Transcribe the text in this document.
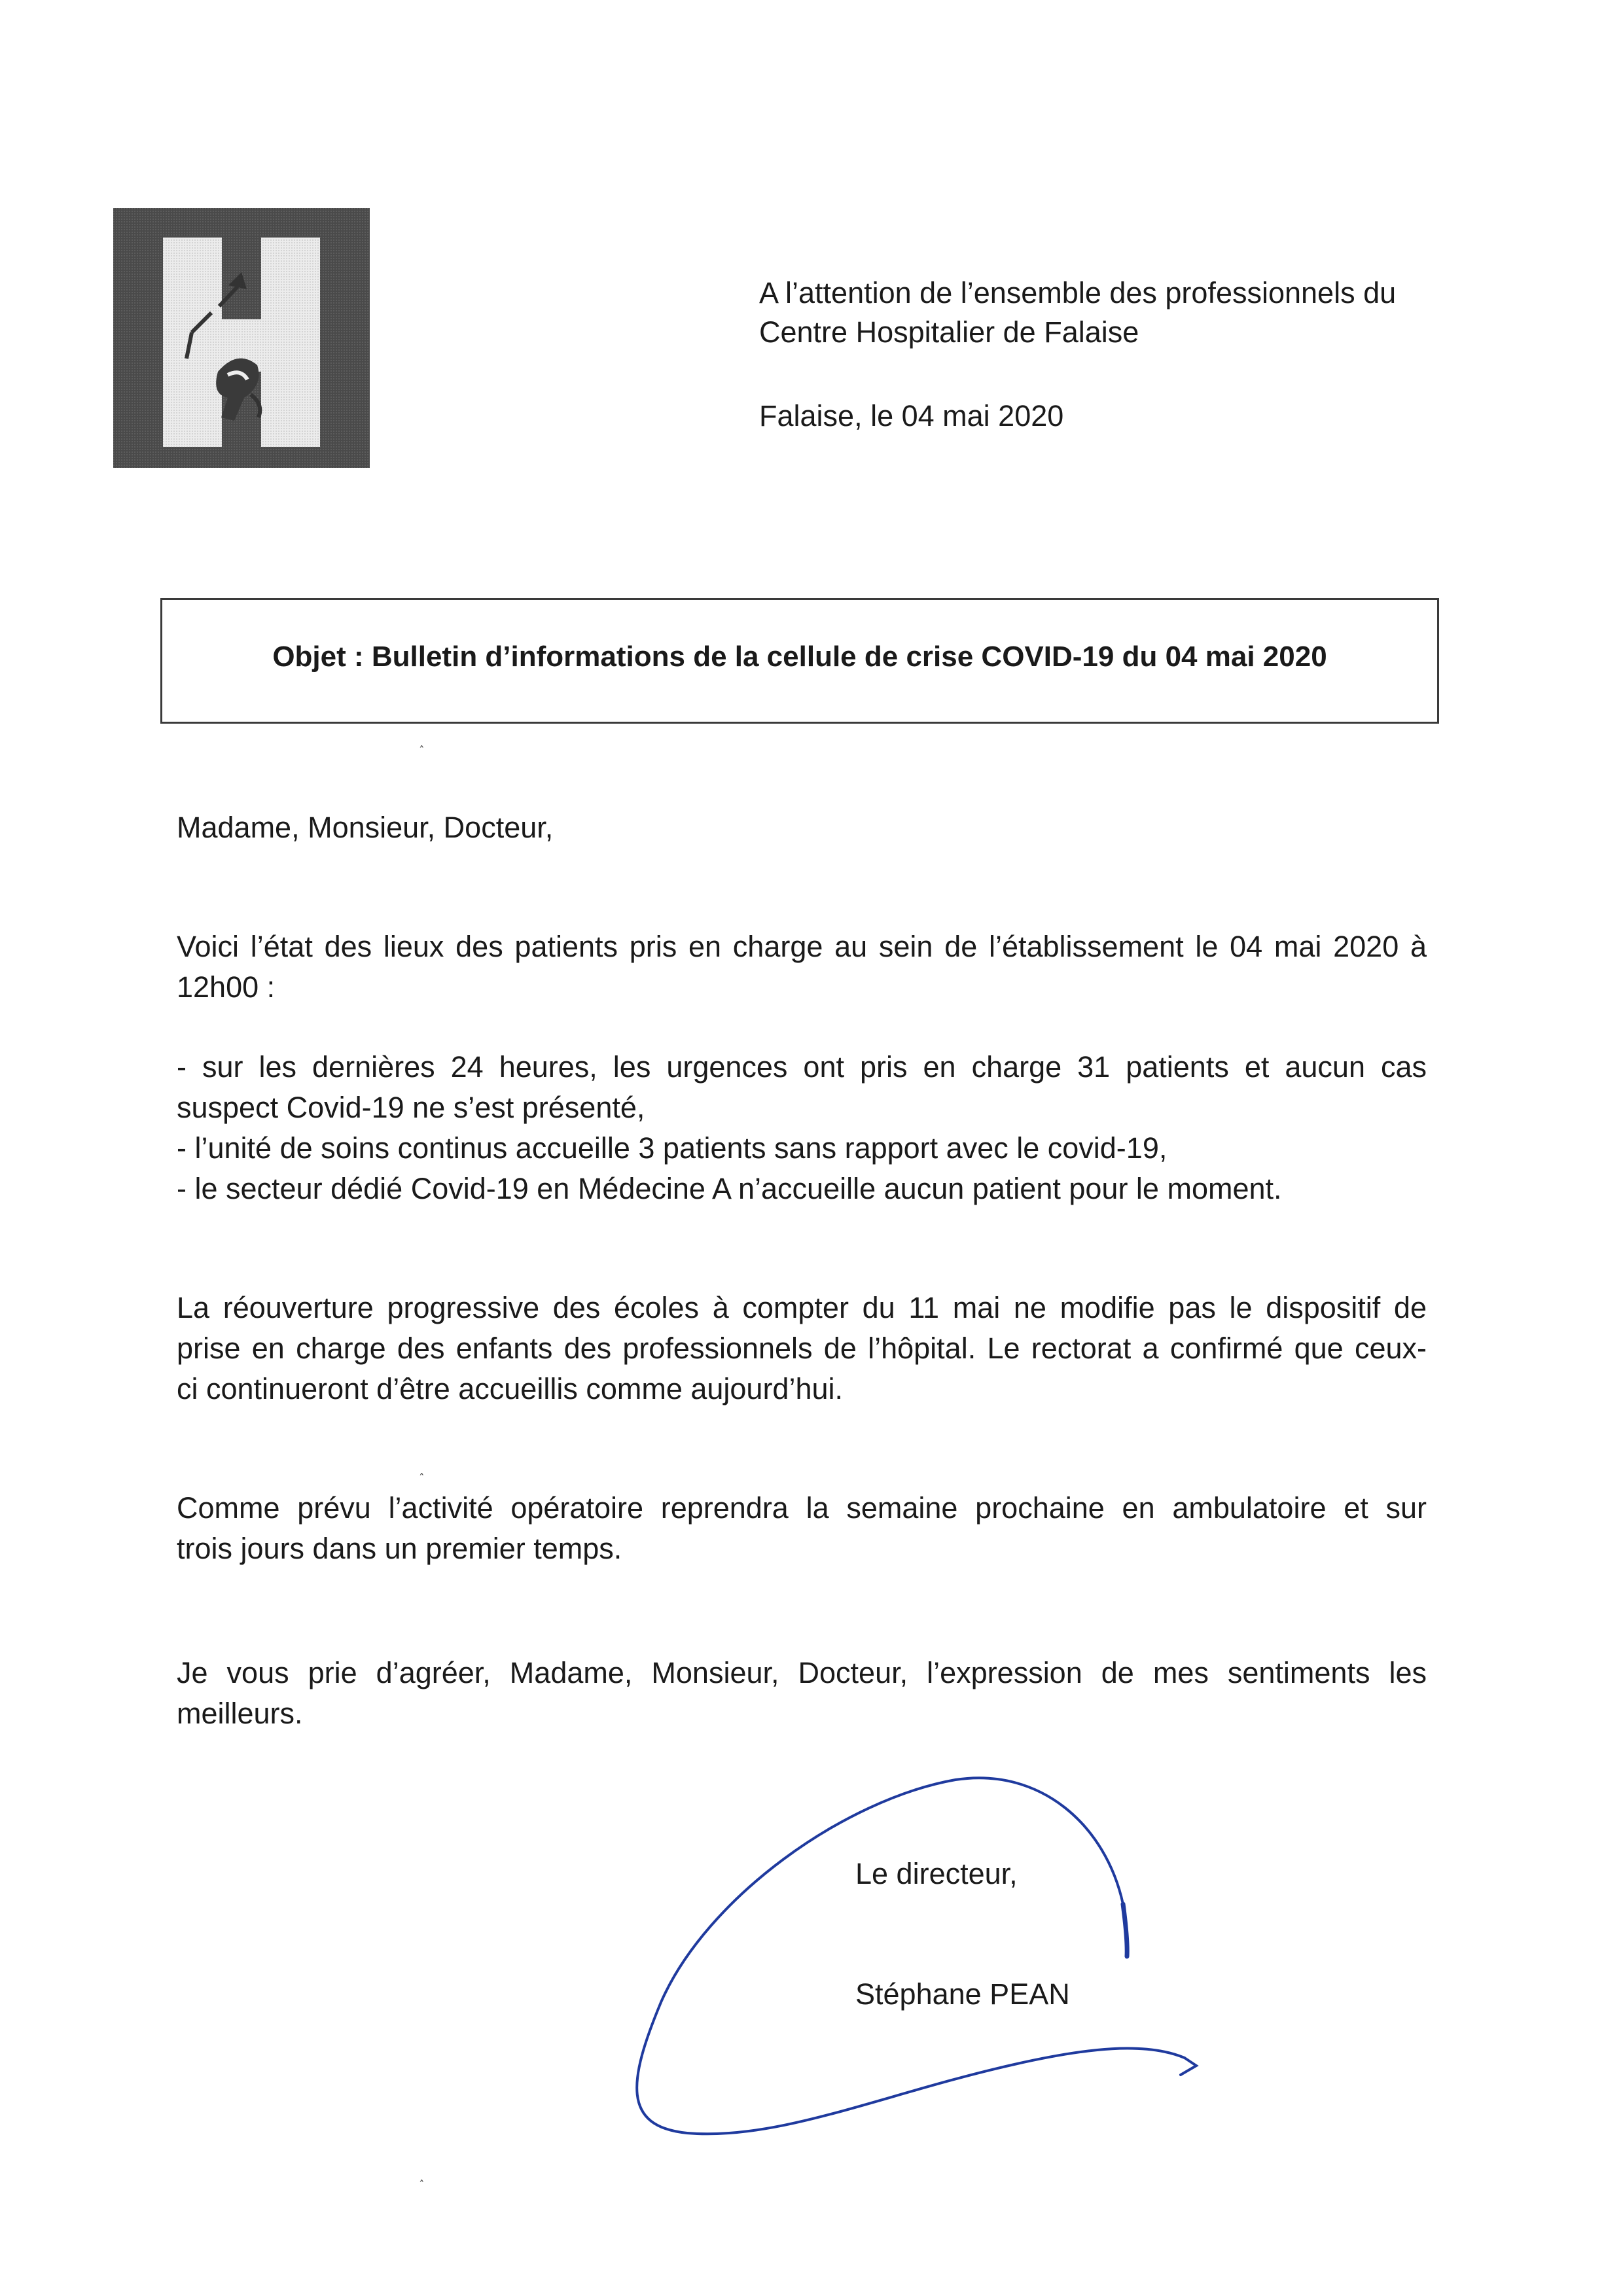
A l’attention de l’ensemble des professionnels du
Centre Hospitalier de Falaise
Falaise, le 04 mai 2020
Objet : Bulletin d’informations de la cellule de crise COVID-19 du 04 mai 2020
Madame, Monsieur, Docteur,
Voici l’état des lieux des patients pris en charge au sein de l’établissement le 04 mai 2020 à
12h00 :
- sur les dernières 24 heures, les urgences ont pris en charge 31 patients et aucun cas
suspect Covid-19 ne s’est présenté,
- l’unité de soins continus accueille 3 patients sans rapport avec le covid-19,
- le secteur dédié Covid-19 en Médecine A n’accueille aucun patient pour le moment.
La réouverture progressive des écoles à compter du 11 mai ne modifie pas le dispositif de
prise en charge des enfants des professionnels de l’hôpital. Le rectorat a confirmé que ceux-
ci continueront d’être accueillis comme aujourd’hui.
Comme prévu l’activité opératoire reprendra la semaine prochaine en ambulatoire et sur
trois jours dans un premier temps.
Je vous prie d’agréer, Madame, Monsieur, Docteur, l’expression de mes sentiments les
meilleurs.
Le directeur,
Stéphane PEAN
˰
˰
˰
